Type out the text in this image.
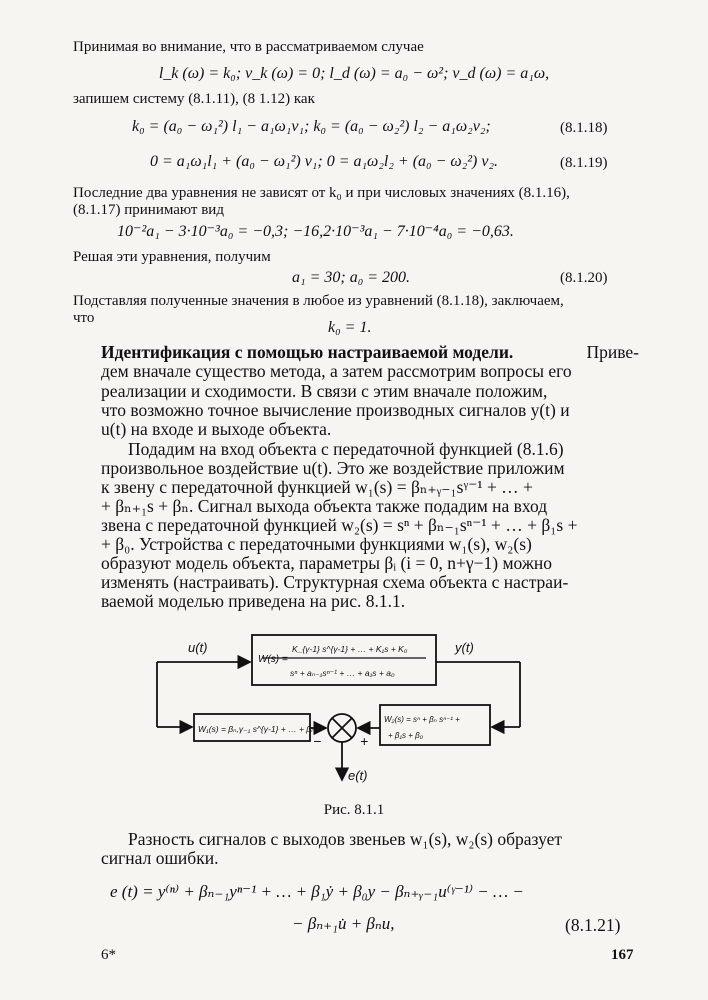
Принимая во внимание, что в рассматриваемом случае
l_k (ω) = k₀; v_k (ω) = 0; l_d (ω) = a₀ − ω²; v_d (ω) = a₁ω,
запишем систему (8.1.11), (8 1.12) как
k₀ = (a₀ − ω₁²) l₁ − a₁ω₁v₁; k₀ = (a₀ − ω₂²) l₂ − a₁ω₂v₂;	(8.1.18)
0 = a₁ω₁l₁ + (a₀ − ω₁²) v₁; 0 = a₁ω₂l₂ + (a₀ − ω₂²) v₂.	(8.1.19)
Последние два уравнения не зависят от k₀ и при числовых значениях (8.1.16),
(8.1.17) принимают вид
10⁻²a₁ − 3·10⁻³a₀ = −0,3; −16,2·10⁻³a₁ − 7·10⁻⁴a₀ = −0,63.
Решая эти уравнения, получим
a₁ = 30; a₀ = 200.	(8.1.20)
Подставляя полученные значения в любое из уравнений (8.1.18), заключаем,
что
k₀ = 1.
Идентификация с помощью настраиваемой модели.	Приве-
дем вначале существо метода, а затем рассмотрим вопросы его
реализации и сходимости. В связи с этим вначале положим,
что возможно точное вычисление производных сигналов y(t) и
u(t) на входе и выходе объекта.
Подадим на вход объекта с передаточной функцией (8.1.6)
произвольное воздействие u(t). Это же воздействие приложим
к звену с передаточной функцией w₁(s) = βₙ₊ᵧ₋₁sᵞ⁻¹ + … +
+ βₙ₊₁s + βₙ. Сигнал выхода объекта также подадим на вход
звена с передаточной функцией w₂(s) = sⁿ + βₙ₋₁sⁿ⁻¹ + … + β₁s +
+ β₀. Устройства с передаточными функциями w₁(s), w₂(s)
образуют модель объекта, параметры βᵢ (i = 0, n+γ−1) можно
изменять (настраивать). Структурная схема объекта с настраи-
ваемой моделью приведена на рис. 8.1.1.
u(t)	y(t)
W(s) =
K_{γ-1} s^{γ-1} + … + K₁s + K₀
sⁿ + aₙ₋₁sⁿ⁻¹ + … + a₁s + a₀
W₁(s) = βₙ,γ₋₁ s^{γ-1} + … + βₙ
W₂(s) = sⁿ + βₙ sⁿ⁻¹ +
+ β₁s + β₀
−	+
e(t)
Рис. 8.1.1
Разность сигналов с выходов звеньев w₁(s), w₂(s) образует
сигнал ошибки.
e (t) = y⁽ⁿ⁾ + βₙ₋₁yⁿ⁻¹ + … + β₁ẏ + β₀y − βₙ₊ᵧ₋₁u⁽ᵞ⁻¹⁾ − … −
− βₙ₊₁u̇ + βₙu,	(8.1.21)
6*	167
